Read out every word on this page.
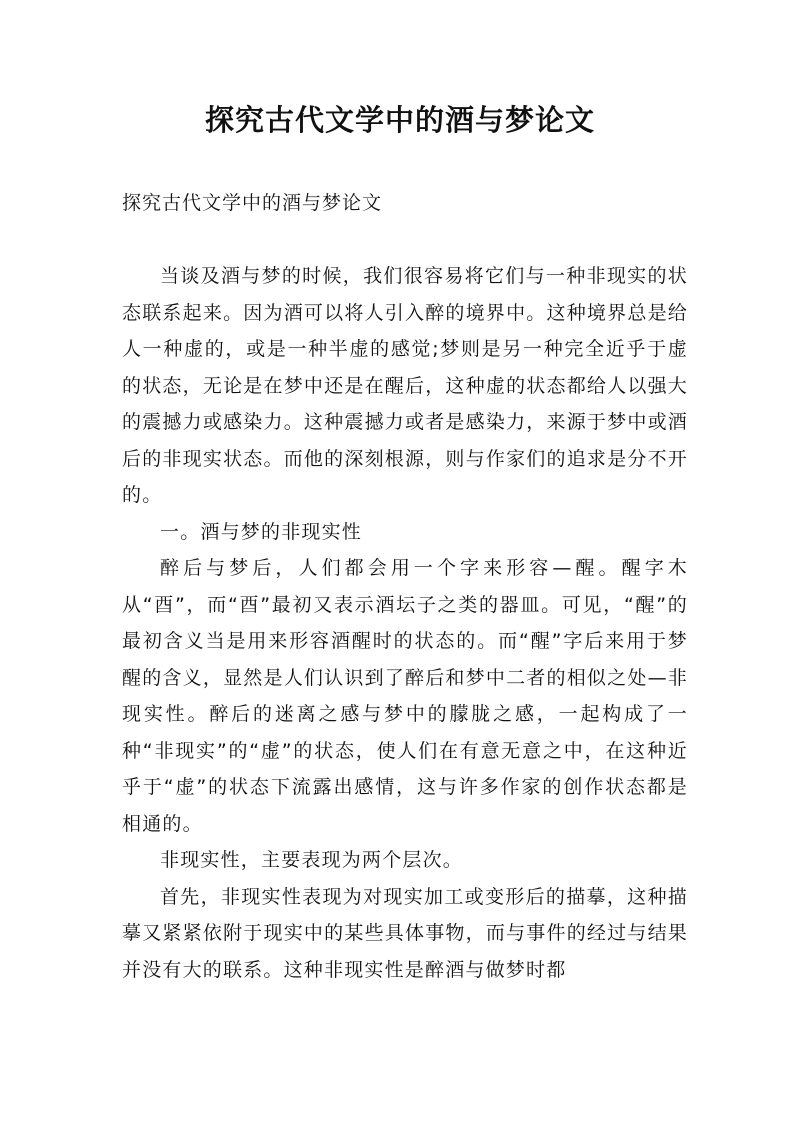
探究古代文学中的酒与梦论文

探究古代文学中的酒与梦论文

当谈及酒与梦的时候，我们很容易将它们与一种非现实的状态联系起来。因为酒可以将人引入醉的境界中。这种境界总是给人一种虚的，或是一种半虚的感觉;梦则是另一种完全近乎于虚的状态，无论是在梦中还是在醒后，这种虚的状态都给人以强大的震撼力或感染力。这种震撼力或者是感染力，来源于梦中或酒后的非现实状态。而他的深刻根源，则与作家们的追求是分不开的。

一。酒与梦的非现实性

醉后与梦后，人们都会用一个字来形容—醒。醒字木从“酉”，而“酉”最初又表示酒坛子之类的器皿。可见，“醒”的最初含义当是用来形容酒醒时的状态的。而“醒”字后来用于梦醒的含义，显然是人们认识到了醉后和梦中二者的相似之处—非现实性。醉后的迷离之感与梦中的朦胧之感，一起构成了一种“非现实”的“虚”的状态，使人们在有意无意之中，在这种近乎于“虚”的状态下流露出感情，这与许多作家的创作状态都是相通的。

非现实性，主要表现为两个层次。

首先，非现实性表现为对现实加工或变形后的描摹，这种描摹又紧紧依附于现实中的某些具体事物，而与事件的经过与结果并没有大的联系。这种非现实性是醉酒与做梦时都
